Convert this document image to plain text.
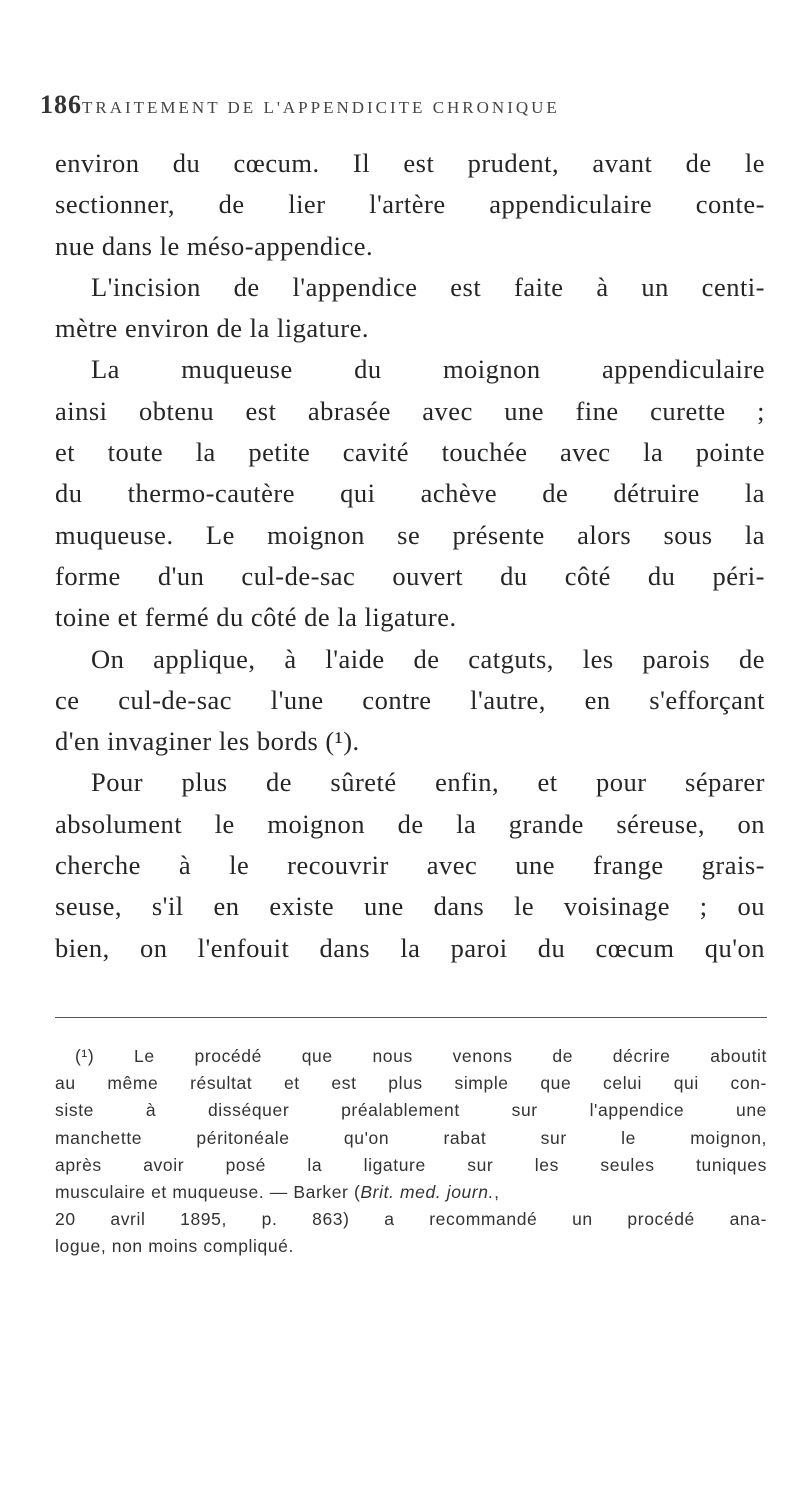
186 TRAITEMENT DE L'APPENDICITE CHRONIQUE
environ du cœcum. Il est prudent, avant de le
sectionner, de lier l'artère appendiculaire conte-
nue dans le méso-appendice.
L'incision de l'appendice est faite à un centi-
mètre environ de la ligature.
La muqueuse du moignon appendiculaire
ainsi obtenu est abrasée avec une fine curette ;
et toute la petite cavité touchée avec la pointe
du thermo-cautère qui achève de détruire la
muqueuse. Le moignon se présente alors sous la
forme d'un cul-de-sac ouvert du côté du péri-
toine et fermé du côté de la ligature.
On applique, à l'aide de catguts, les parois de
ce cul-de-sac l'une contre l'autre, en s'efforçant
d'en invaginer les bords (¹).
Pour plus de sûreté enfin, et pour séparer
absolument le moignon de la grande séreuse, on
cherche à le recouvrir avec une frange grais-
seuse, s'il en existe une dans le voisinage ; ou
bien, on l'enfouit dans la paroi du cœcum qu'on
(¹) Le procédé que nous venons de décrire aboutit
au même résultat et est plus simple que celui qui con-
siste à disséquer préalablement sur l'appendice une
manchette péritonéale qu'on rabat sur le moignon,
après avoir posé la ligature sur les seules tuniques
musculaire et muqueuse. — Barker (Brit. med. journ.,
20 avril 1895, p. 863) a recommandé un procédé ana-
logue, non moins compliqué.
